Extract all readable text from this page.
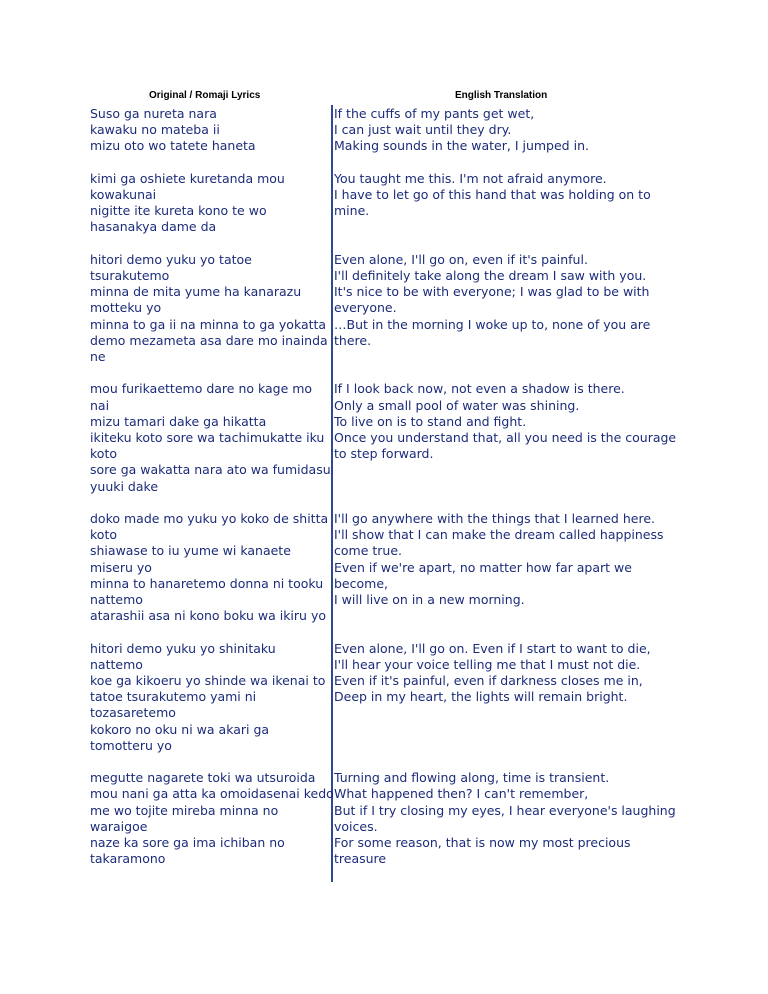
Original / Romaji Lyrics	English Translation
Suso ga nureta nara
kawaku no mateba ii
mizu oto wo tatete haneta
kimi ga oshiete kuretanda mou
kowakunai
nigitte ite kureta kono te wo
hasanakya dame da
hitori demo yuku yo tatoe
tsurakutemo
minna de mita yume ha kanarazu
motteku yo
minna to ga ii na minna to ga yokatta
demo mezameta asa dare mo inainda
ne
mou furikaettemo dare no kage mo
nai
mizu tamari dake ga hikatta
ikiteku koto sore wa tachimukatte iku
koto
sore ga wakatta nara ato wa fumidasu
yuuki dake
doko made mo yuku yo koko de shitta
koto
shiawase to iu yume wi kanaete
miseru yo
minna to hanaretemo donna ni tooku
nattemo
atarashii asa ni kono boku wa ikiru yo
hitori demo yuku yo shinitaku
nattemo
koe ga kikoeru yo shinde wa ikenai to
tatoe tsurakutemo yami ni
tozasaretemo
kokoro no oku ni wa akari ga
tomotteru yo
megutte nagarete toki wa utsuroida
mou nani ga atta ka omoidasenai kedo
me wo tojite mireba minna no
waraigoe
naze ka sore ga ima ichiban no
takaramono
If the cuffs of my pants get wet,
I can just wait until they dry.
Making sounds in the water, I jumped in.
You taught me this. I'm not afraid anymore.
I have to let go of this hand that was holding on to
mine.
Even alone, I'll go on, even if it's painful.
I'll definitely take along the dream I saw with you.
It's nice to be with everyone; I was glad to be with
everyone.
…But in the morning I woke up to, none of you are
there.
If I look back now, not even a shadow is there.
Only a small pool of water was shining.
To live on is to stand and fight.
Once you understand that, all you need is the courage
to step forward.
I'll go anywhere with the things that I learned here.
I'll show that I can make the dream called happiness
come true.
Even if we're apart, no matter how far apart we
become,
I will live on in a new morning.
Even alone, I'll go on. Even if I start to want to die,
I'll hear your voice telling me that I must not die.
Even if it's painful, even if darkness closes me in,
Deep in my heart, the lights will remain bright.
Turning and flowing along, time is transient.
What happened then? I can't remember,
But if I try closing my eyes, I hear everyone's laughing
voices.
For some reason, that is now my most precious
treasure
